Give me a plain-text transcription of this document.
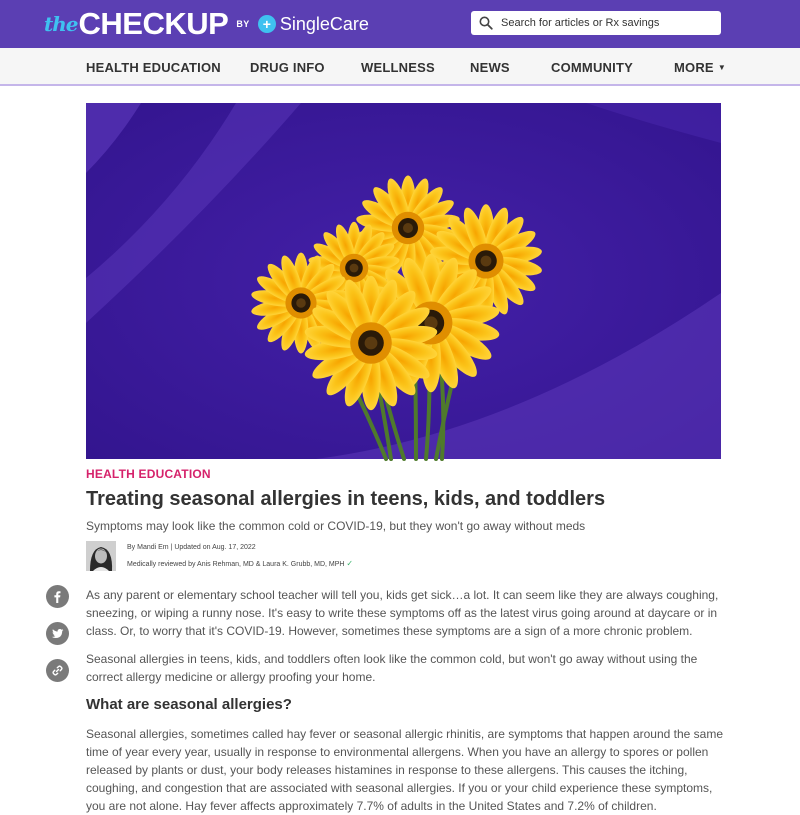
the CHECKUP BY + SingleCare
Search for articles or Rx savings
HEALTH EDUCATION DRUG INFO	WELLNESS	NEWS	COMMUNITY	MORE ▼
HEALTH EDUCATION
Treating seasonal allergies in teens, kids, and toddlers
Symptoms may look like the common cold or COVID-19, but they won't go away without meds
By Mandi Em | Updated on Aug. 17, 2022
Medically reviewed by Anis Rehman, MD & Laura K. Grubb, MD, MPH ✓
As any parent or elementary school teacher will tell you, kids get sick…a lot. It can seem like they are always coughing,
sneezing, or wiping a runny nose. It's easy to write these symptoms off as the latest virus going around at daycare or in
class. Or, to worry that it's COVID-19. However, sometimes these symptoms are a sign of a more chronic problem.
Seasonal allergies in teens, kids, and toddlers often look like the common cold, but won't go away without using the
correct allergy medicine or allergy proofing your home.
What are seasonal allergies?
Seasonal allergies, sometimes called hay fever or seasonal allergic rhinitis, are symptoms that happen around the same
time of year every year, usually in response to environmental allergens. When you have an allergy to spores or pollen
released by plants or dust, your body releases histamines in response to these allergens. This causes the itching,
coughing, and congestion that are associated with seasonal allergies. If you or your child experience these symptoms,
you are not alone. Hay fever affects approximately 7.7% of adults in the United States and 7.2% of children.
